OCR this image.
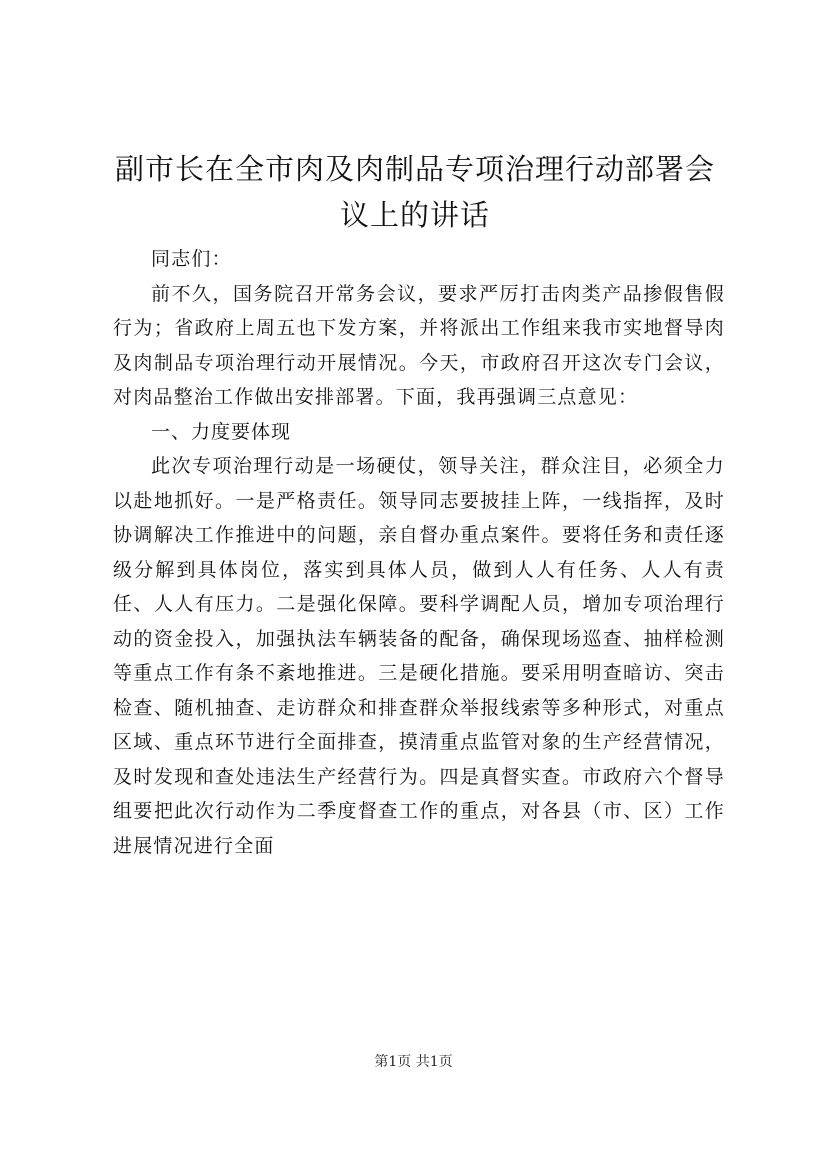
副市长在全市肉及肉制品专项治理行动部署会议上的讲话

同志们：

前不久，国务院召开常务会议，要求严厉打击肉类产品掺假售假行为；省政府上周五也下发方案，并将派出工作组来我市实地督导肉及肉制品专项治理行动开展情况。今天，市政府召开这次专门会议，对肉品整治工作做出安排部署。下面，我再强调三点意见：

一、力度要体现

此次专项治理行动是一场硬仗，领导关注，群众注目，必须全力以赴地抓好。一是严格责任。领导同志要披挂上阵，一线指挥，及时协调解决工作推进中的问题，亲自督办重点案件。要将任务和责任逐级分解到具体岗位，落实到具体人员，做到人人有任务、人人有责任、人人有压力。二是强化保障。要科学调配人员，增加专项治理行动的资金投入，加强执法车辆装备的配备，确保现场巡查、抽样检测等重点工作有条不紊地推进。三是硬化措施。要采用明查暗访、突击检查、随机抽查、走访群众和排查群众举报线索等多种形式，对重点区域、重点环节进行全面排查，摸清重点监管对象的生产经营情况，及时发现和查处违法生产经营行为。四是真督实查。市政府六个督导组要把此次行动作为二季度督查工作的重点，对各县（市、区）工作进展情况进行全面

第1页 共1页
